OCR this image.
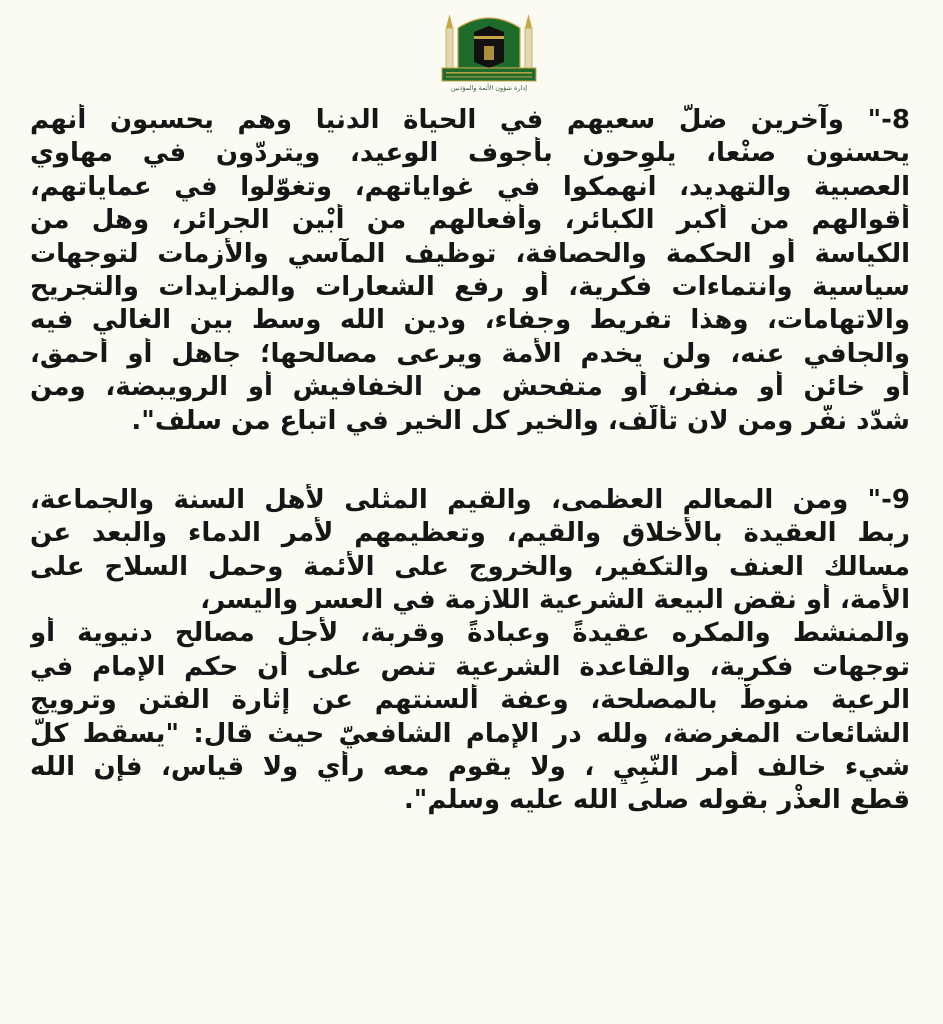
إدارة شؤون الأئمة والمؤذنين
8-" وآخرين ضلّ سعيهم في الحياة الدنيا وهم يحسبون أنهم
يحسنون صنْعا، يلوِحون بأجوف الوعيد، ويتردّون في مهاوي
العصبية والتهديد، انهمكوا في غواياتهم، وتغوّلوا في عماياتهم،
أقوالهم من أكبر الكبائر، وأفعالهم من أبْين الجرائر، وهل من
الكياسة أو الحكمة والحصافة، توظيف المآسي والأزمات لتوجهات
سياسية وانتماءات فكرية، أو رفع الشعارات والمزايدات والتجريح
والاتهامات، وهذا تفريط وجفاء، ودين الله وسط بين الغالي فيه
والجافي عنه، ولن يخدم الأمة ويرعى مصالحها؛ جاهل أو أحمق،
أو خائن أو منفر، أو متفحش من الخفافيش أو الرويبضة، ومن
شدّد نفّر ومن لان تألّف، والخير كل الخير في اتباع من سلف".
9-" ومن المعالم العظمى، والقيم المثلى لأهل السنة والجماعة،
ربط العقيدة بالأخلاق والقيم، وتعظيمهم لأمر الدماء والبعد عن
مسالك العنف والتكفير، والخروج على الأئمة وحمل السلاح على
الأمة، أو نقض البيعة الشرعية اللازمة في العسر واليسر،
والمنشط والمكره عقيدةً وعبادةً وقربة، لأجل مصالح دنيوية أو
توجهات فكرية، والقاعدة الشرعية تنص على أن حكم الإمام في
الرعية منوطٌ بالمصلحة، وعفة ألسنتهم عن إثارة الفتن وترويج
الشائعات المغرضة، ولله در الإمام الشافعيّ حيث قال: "يسقط كلّ
شيء خالف أمر النّبِيِ ، ولا يقوم معه رأي ولا قياس، فإن الله
قطع العذْر بقوله صلى الله عليه وسلم".
